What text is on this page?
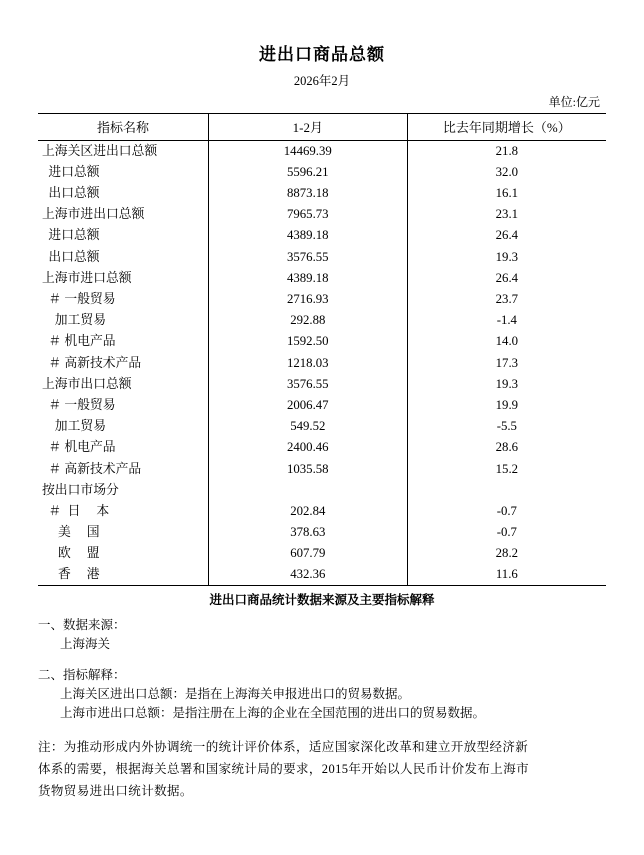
进出口商品总额
2026年2月
单位:亿元
指标名称	1-2月	比去年同期增长（%）
上海关区进出口总额	14469.39	21.8
进口总额	5596.21	32.0
出口总额	8873.18	16.1
上海市进出口总额	7965.73	23.1
进口总额	4389.18	26.4
出口总额	3576.55	19.3
上海市进口总额	4389.18	26.4
＃ 一般贸易	2716.93	23.7
加工贸易	292.88	-1.4
＃ 机电产品	1592.50	14.0
＃ 高新技术产品	1218.03	17.3
上海市出口总额	3576.55	19.3
＃ 一般贸易	2006.47	19.9
加工贸易	549.52	-5.5
＃ 机电产品	2400.46	28.6
＃ 高新技术产品	1035.58	15.2
按出口市场分		
＃  日　 本	202.84	-0.7
美　 国	378.63	-0.7
欧　 盟	607.79	28.2
香　 港	432.36	11.6
进出口商品统计数据来源及主要指标解释
一、数据来源：
上海海关
二、指标解释：
上海关区进出口总额：是指在上海海关申报进出口的贸易数据。
上海市进出口总额：是指注册在上海的企业在全国范围的进出口的贸易数据。
注：为推动形成内外协调统一的统计评价体系，适应国家深化改革和建立开放型经济新
体系的需要，根据海关总署和国家统计局的要求，2015年开始以人民币计价发布上海市
货物贸易进出口统计数据。
